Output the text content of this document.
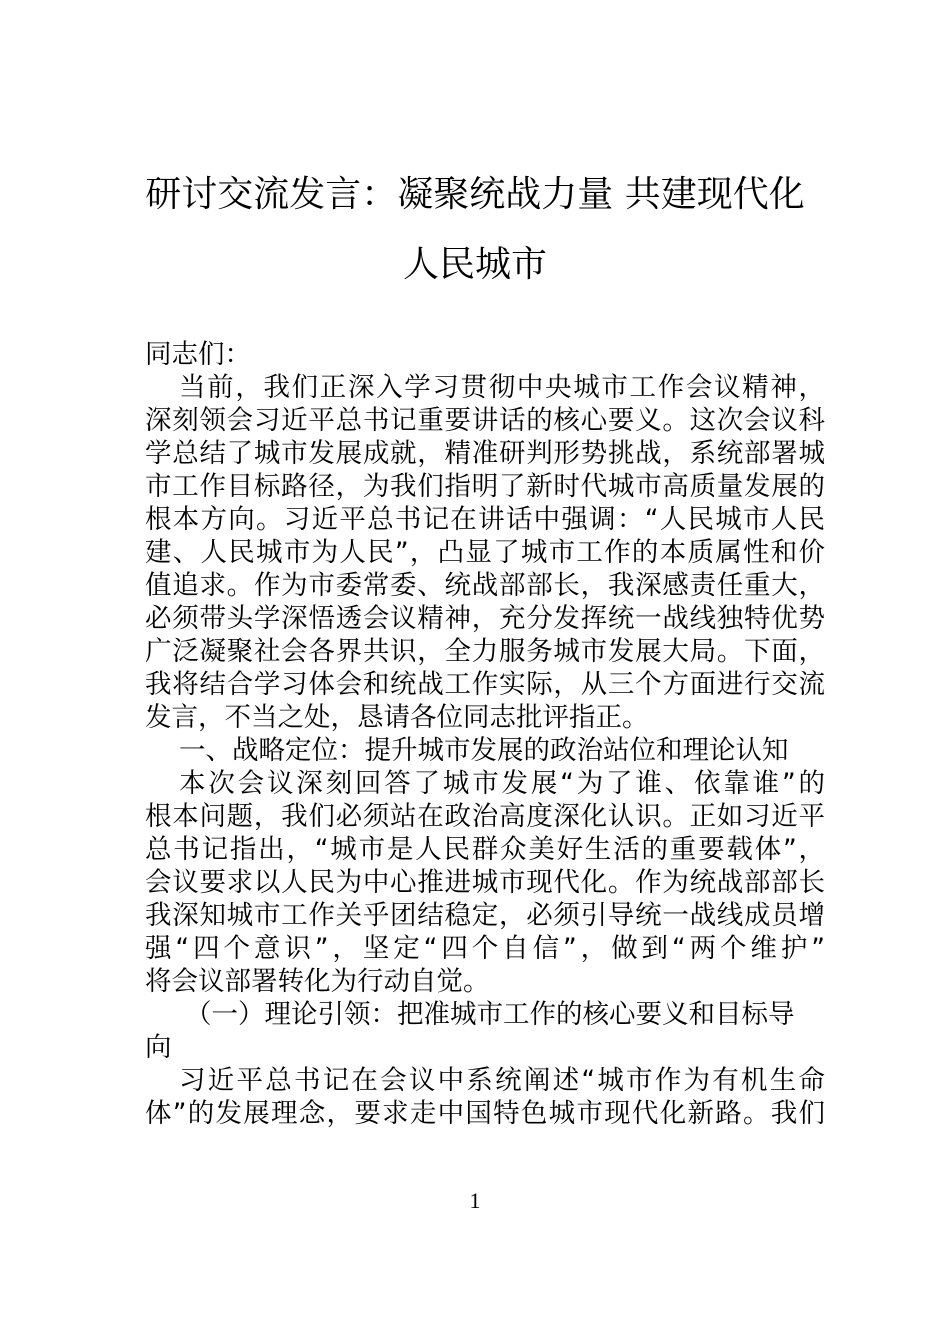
研讨交流发言：凝聚统战力量 共建现代化
人民城市
同志们：
当前，我们正深入学习贯彻中央城市工作会议精神，
深刻领会习近平总书记重要讲话的核心要义。这次会议科
学总结了城市发展成就，精准研判形势挑战，系统部署城
市工作目标路径，为我们指明了新时代城市高质量发展的
根本方向。习近平总书记在讲话中强调：“人民城市人民
建、人民城市为人民”，凸显了城市工作的本质属性和价
值追求。作为市委常委、统战部部长，我深感责任重大，
必须带头学深悟透会议精神，充分发挥统一战线独特优势
广泛凝聚社会各界共识，全力服务城市发展大局。下面，
我将结合学习体会和统战工作实际，从三个方面进行交流
发言，不当之处，恳请各位同志批评指正。
一、战略定位：提升城市发展的政治站位和理论认知
本次会议深刻回答了城市发展“为了谁、依靠谁”的
根本问题，我们必须站在政治高度深化认识。正如习近平
总书记指出，“城市是人民群众美好生活的重要载体”，
会议要求以人民为中心推进城市现代化。作为统战部部长
我深知城市工作关乎团结稳定，必须引导统一战线成员增
强“四个意识”，坚定“四个自信”，做到“两个维护”
将会议部署转化为行动自觉。
（一）理论引领：把准城市工作的核心要义和目标导
向
习近平总书记在会议中系统阐述“城市作为有机生命
体”的发展理念，要求走中国特色城市现代化新路。我们
1
